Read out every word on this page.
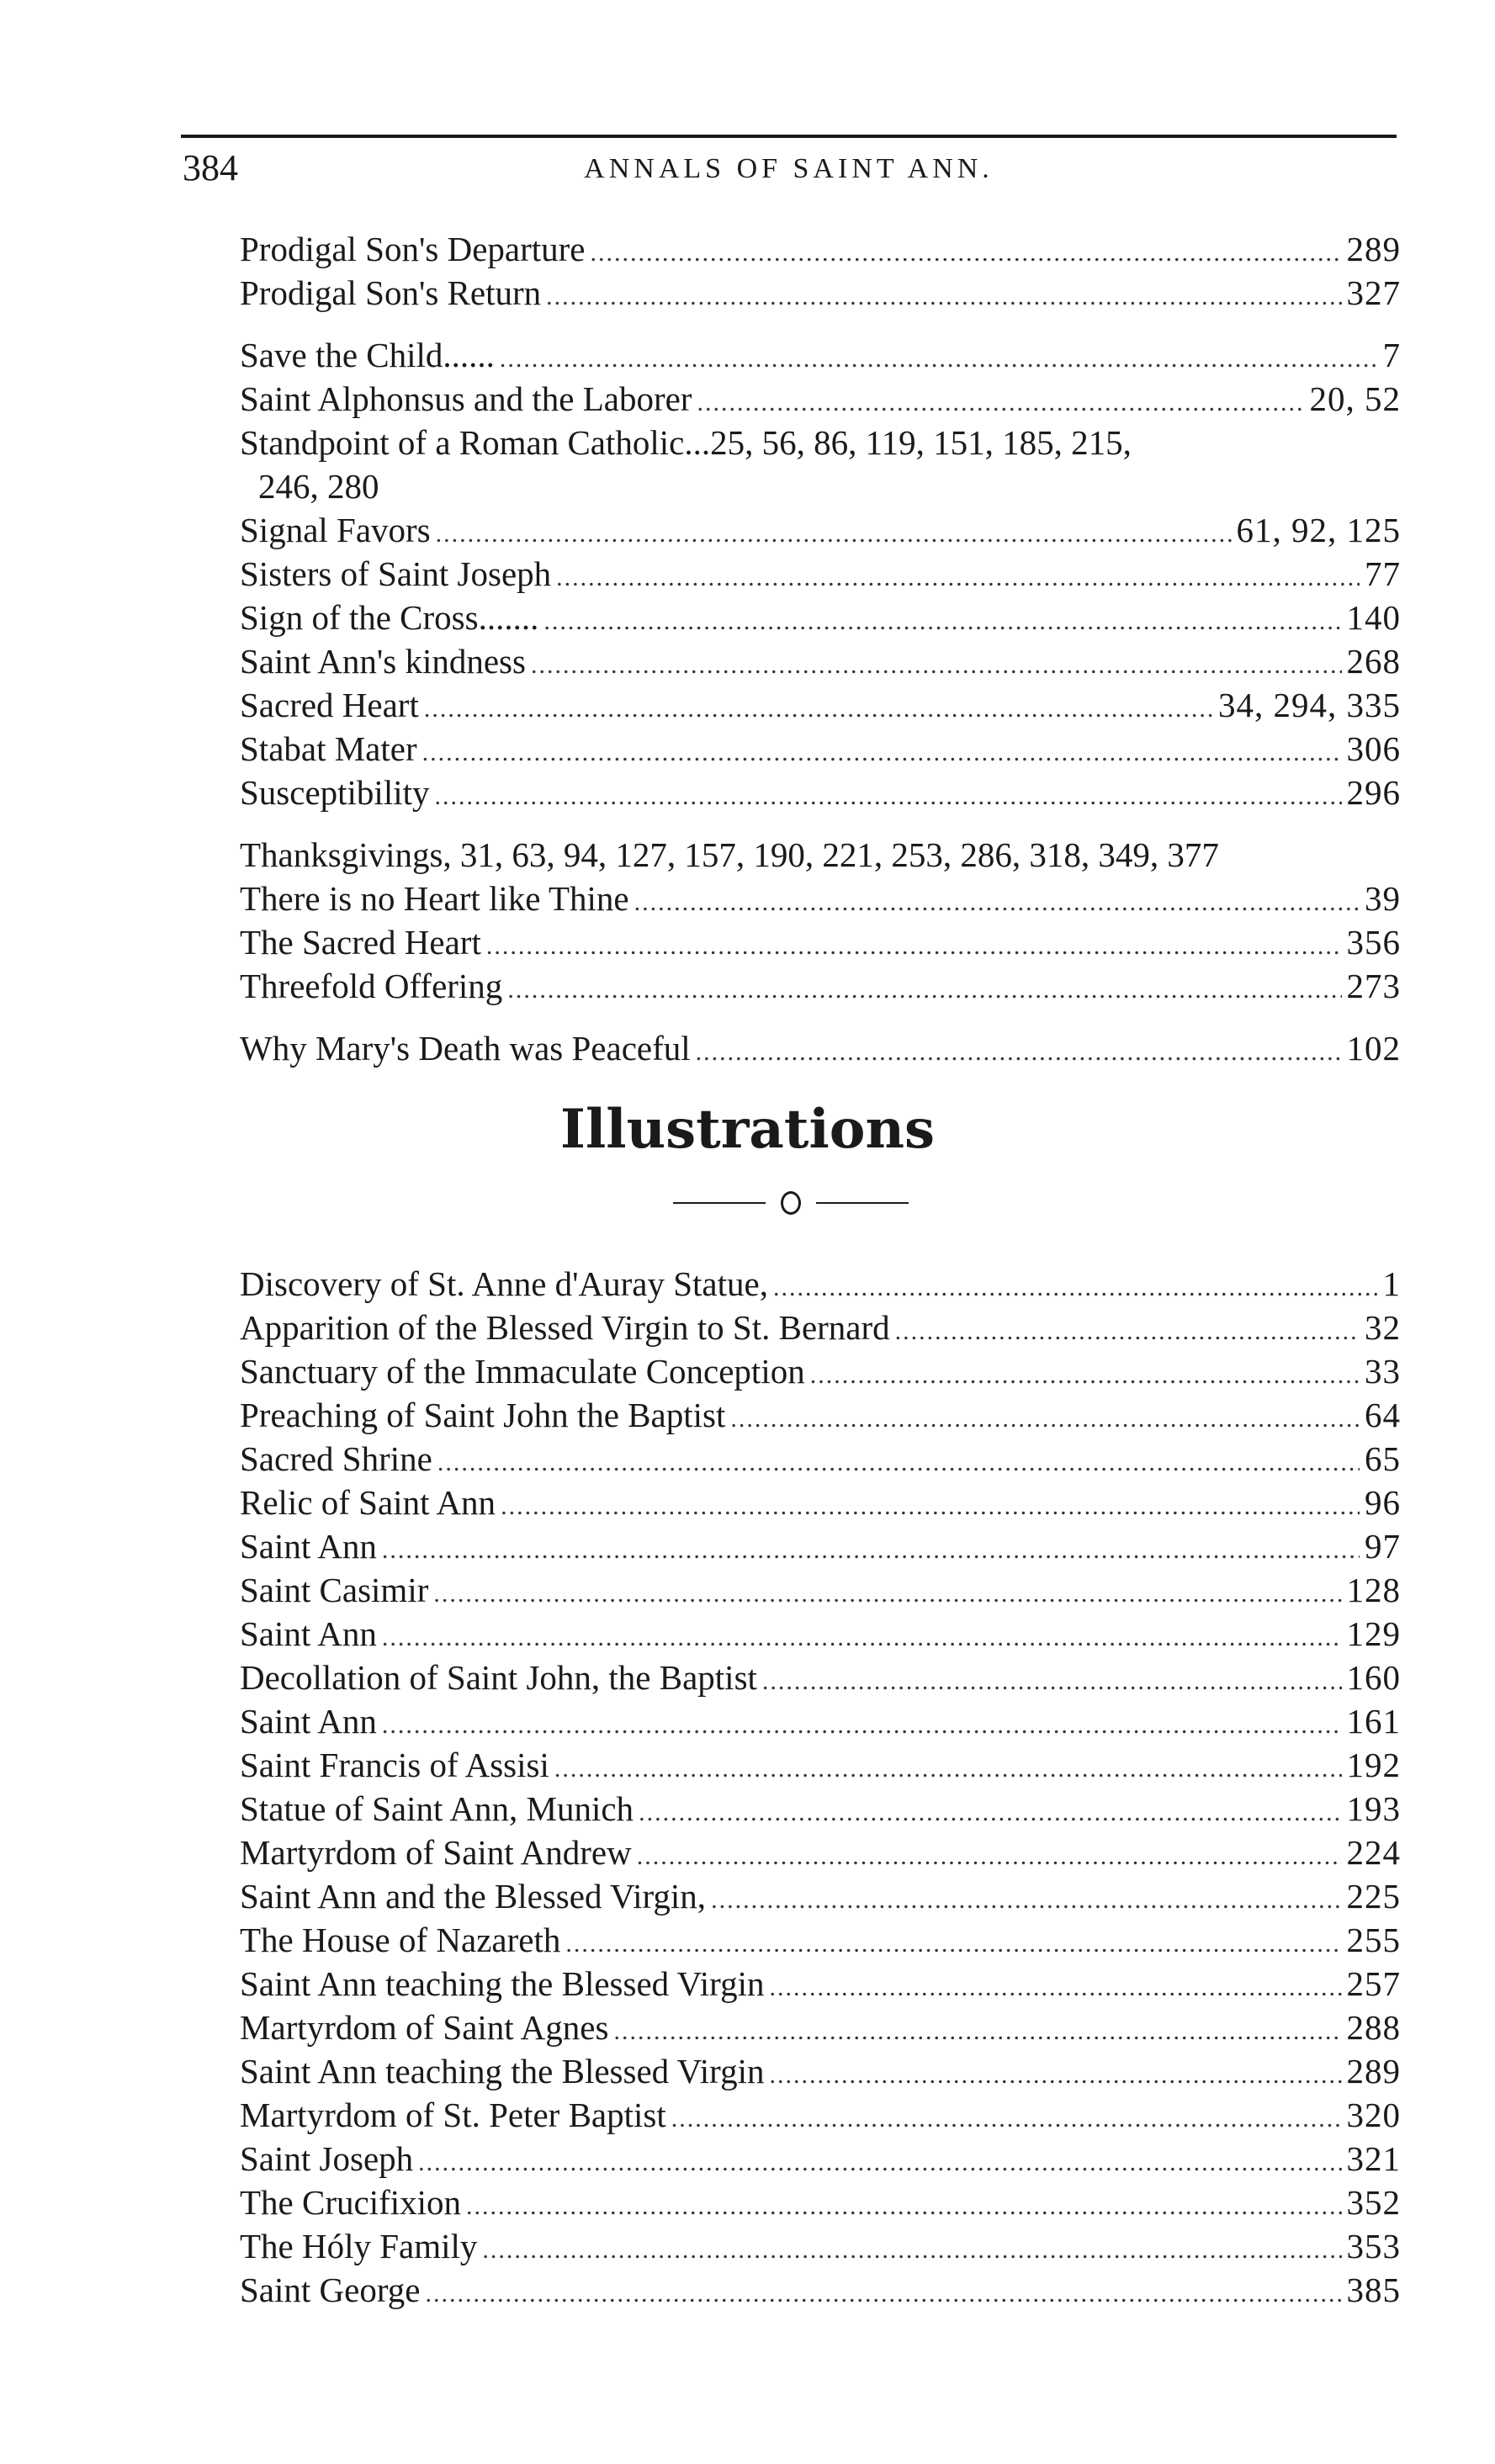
384	ANNALS OF SAINT ANN.
Prodigal Son's Departure .....	289
Prodigal Son's Return .....	327
Save the Child...... .....	7
Saint Alphonsus and the Laborer .....	20, 52
Standpoint of a Roman Catholic...25, 56, 86, 119, 151, 185, 215,
246, 280
Signal Favors .....	61, 92, 125
Sisters of Saint Joseph .....	77
Sign of the Cross....... .....	140
Saint Ann's kindness .....	268
Sacred Heart .....	34, 294, 335
Stabat Mater .....	306
Susceptibility .....	296
Thanksgivings, 31, 63, 94, 127, 157, 190, 221, 253, 286, 318, 349, 377
There is no Heart like Thine .....	39
The Sacred Heart .....	356
Threefold Offering .....	273
Why Mary's Death was Peaceful .....	102
Illustrations
Discovery of St. Anne d'Auray Statue, .....	1
Apparition of the Blessed Virgin to St. Bernard .....	32
Sanctuary of the Immaculate Conception .....	33
Preaching of Saint John the Baptist .....	64
Sacred Shrine .....	65
Relic of Saint Ann .....	96
Saint Ann .....	97
Saint Casimir .....	128
Saint Ann .....	129
Decollation of Saint John, the Baptist .....	160
Saint Ann .....	161
Saint Francis of Assisi .....	192
Statue of Saint Ann, Munich .....	193
Martyrdom of Saint Andrew .....	224
Saint Ann and the Blessed Virgin, .....	225
The House of Nazareth .....	255
Saint Ann teaching the Blessed Virgin .....	257
Martyrdom of Saint Agnes .....	288
Saint Ann teaching the Blessed Virgin .....	289
Martyrdom of St. Peter Baptist .....	320
Saint Joseph .....	321
The Crucifixion .....	352
The Hóly Family .....	353
Saint George .....	385
